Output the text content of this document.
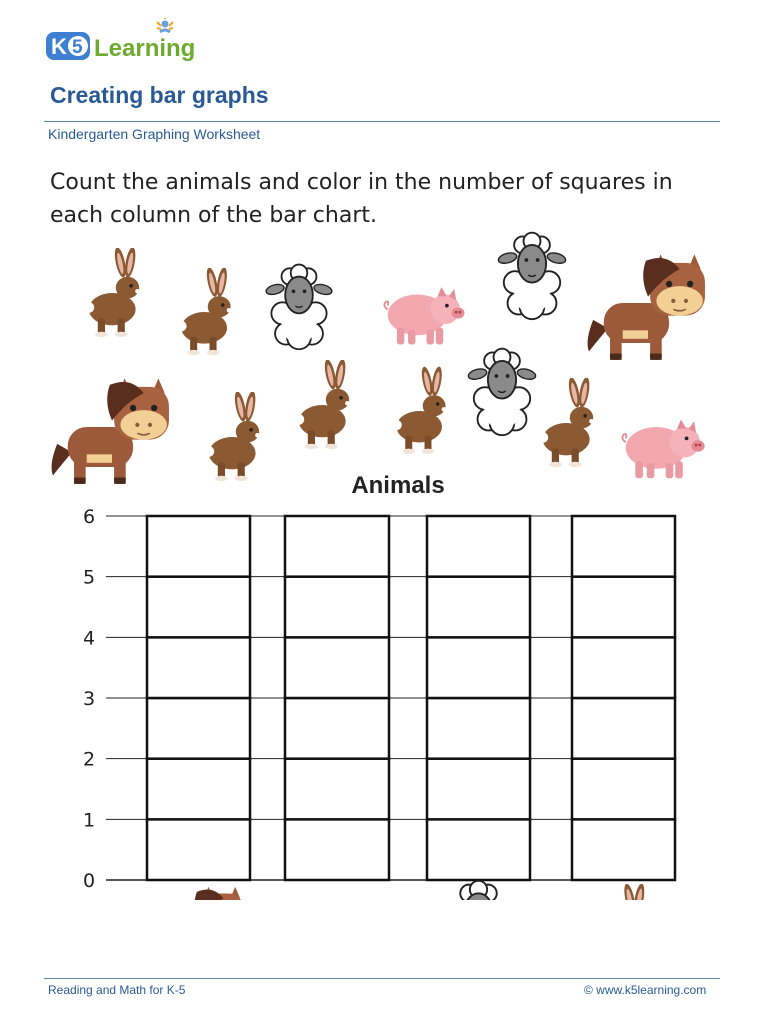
K 5 Learning
Creating bar graphs
Kindergarten Graphing Worksheet
Count the animals and color in the number of squares in each column of the bar chart.
Animals
0
1
2
3
4
5
6
Reading and Math for K-5	© www.k5learning.com
